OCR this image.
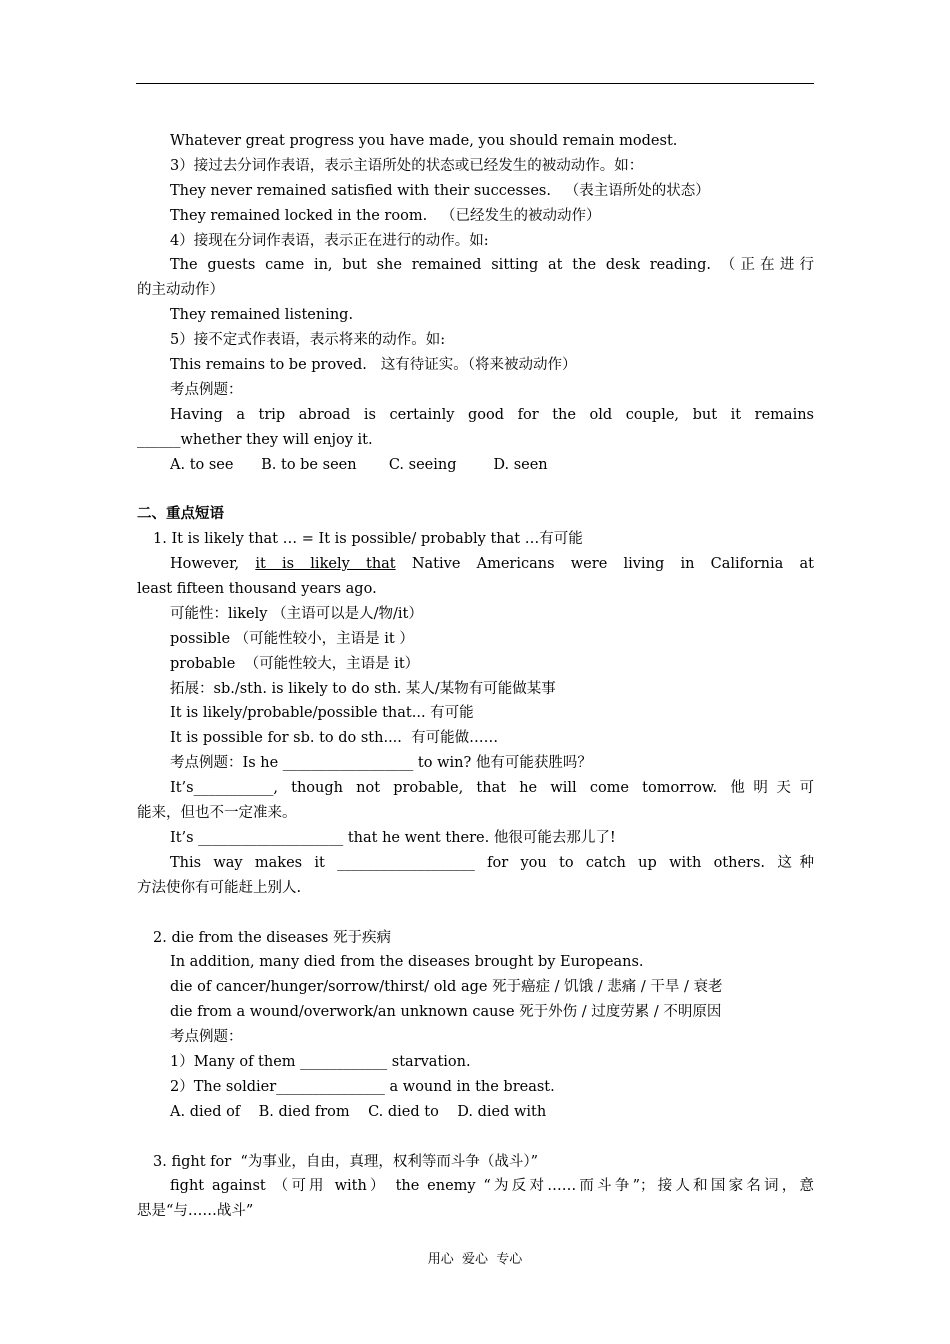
Whatever great progress you have made, you should remain modest.
3）接过去分词作表语，表示主语所处的状态或已经发生的被动动作。如：
They never remained satisfied with their successes.   （表主语所处的状态）
They remained locked in the room.   （已经发生的被动动作）
4）接现在分词作表语，表示正在进行的动作。如:
The guests came in, but she remained sitting at the desk reading. （正在进行
的主动动作）
They remained listening.
5）接不定式作表语，表示将来的动作。如:
This remains to be proved.   这有待证实。（将来被动动作）
考点例题：
Having a trip abroad is certainly good for the old couple, but it remains
______whether they will enjoy it.
A. to see      B. to be seen       C. seeing        D. seen
二、重点短语
1. It is likely that … = It is possible/ probably that …有可能
However, it is likely that Native Americans were living in California at
least fifteen thousand years ago.
可能性：likely （主语可以是人/物/it）
possible （可能性较小，主语是 it ）
probable  （可能性较大，主语是 it）
拓展：sb./sth. is likely to do sth. 某人/某物有可能做某事
It is likely/probable/possible that... 有可能
It is possible for sb. to do sth....  有可能做……
考点例题：Is he __________________ to win? 他有可能获胜吗？
It’s___________, though not probable, that he will come tomorrow. 他明天可
能来，但也不一定准来。
It’s ____________________ that he went there. 他很可能去那儿了!
This way makes it ___________________ for you to catch up with others. 这种
方法使你有可能赶上别人.
2. die from the diseases 死于疾病
In addition, many died from the diseases brought by Europeans.
die of cancer/hunger/sorrow/thirst/ old age 死于癌症 / 饥饿 / 悲痛 / 干旱 / 衰老
die from a wound/overwork/an unknown cause 死于外伤 / 过度劳累 / 不明原因
考点例题：
1）Many of them ____________ starvation.
2）The soldier_______________ a wound in the breast.
A. died of    B. died from    C. died to    D. died with
3. fight for  “为事业，自由，真理，权利等而斗争（战斗）”
fight against （可用 with） the enemy “为反对……而斗争”；接人和国家名词，意
思是“与……战斗”
用心  爱心  专心
